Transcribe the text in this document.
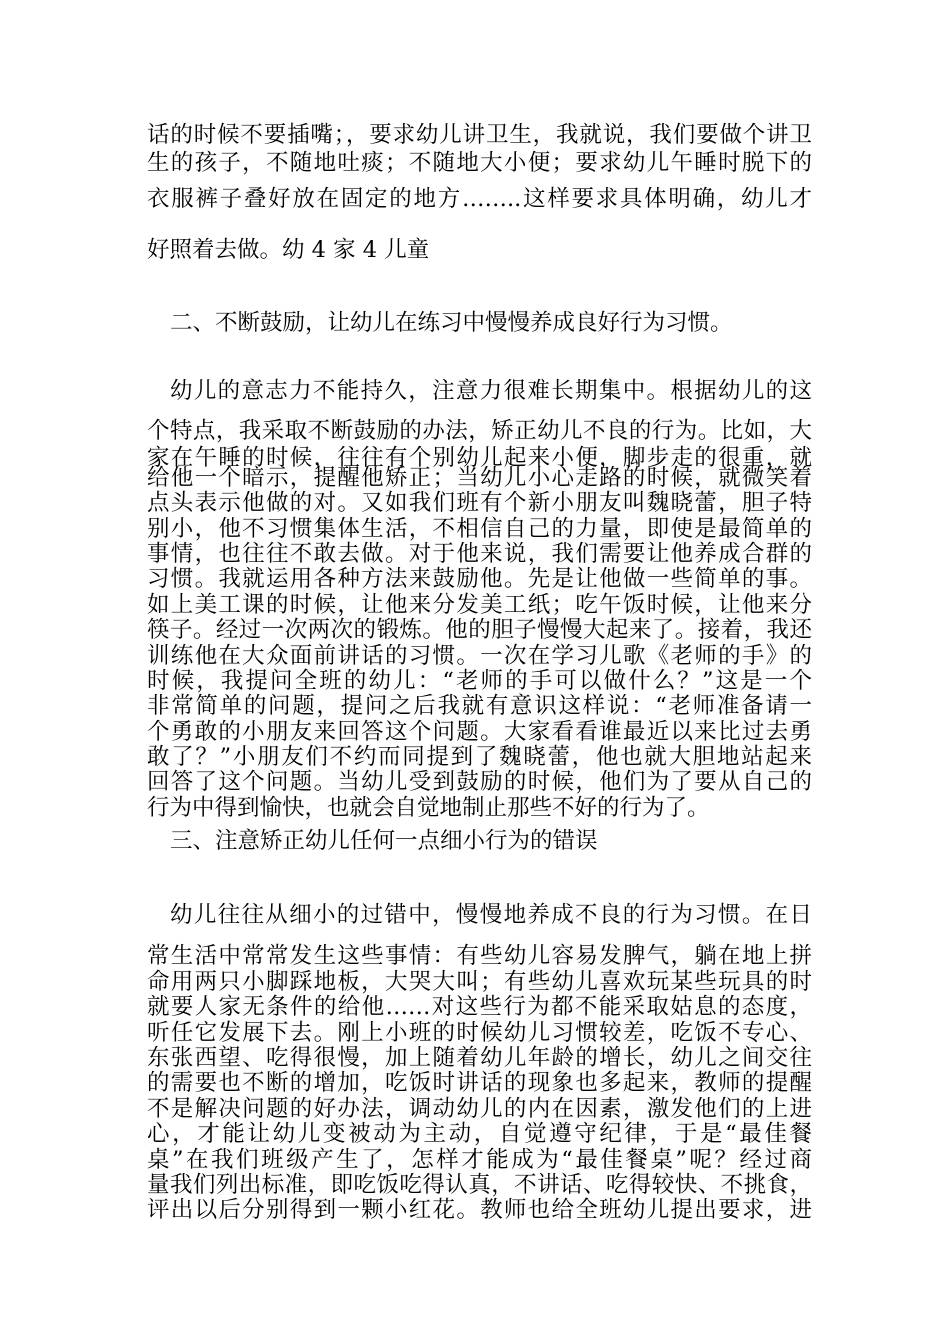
话的时候不要插嘴；，要求幼儿讲卫生，我就说，我们要做个讲卫
生的孩子，不随地吐痰；不随地大小便；要求幼儿午睡时脱下的
衣服裤子叠好放在固定的地方……..这样要求具体明确，幼儿才
好照着去做。幼 4 家 4 儿童
二、不断鼓励，让幼儿在练习中慢慢养成良好行为习惯。
幼儿的意志力不能持久，注意力很难长期集中。根据幼儿的这
个特点，我采取不断鼓励的办法，矫正幼儿不良的行为。比如，大
家在午睡的时候，往往有个别幼儿起来小便，脚步走的很重，就
给他一个暗示，提醒他矫正；当幼儿小心走路的时候，就微笑着
点头表示他做的对。又如我们班有个新小朋友叫魏晓蕾，胆子特
别小，他不习惯集体生活，不相信自己的力量，即使是最简单的
事情，也往往不敢去做。对于他来说，我们需要让他养成合群的
习惯。我就运用各种方法来鼓励他。先是让他做一些简单的事。
如上美工课的时候，让他来分发美工纸；吃午饭时候，让他来分
筷子。经过一次两次的锻炼。他的胆子慢慢大起来了。接着，我还
训练他在大众面前讲话的习惯。一次在学习儿歌《老师的手》的
时候，我提问全班的幼儿：“老师的手可以做什么？”这是一个
非常简单的问题，提问之后我就有意识这样说：“老师准备请一
个勇敢的小朋友来回答这个问题。大家看看谁最近以来比过去勇
敢了？”小朋友们不约而同提到了魏晓蕾，他也就大胆地站起来
回答了这个问题。当幼儿受到鼓励的时候，他们为了要从自己的
行为中得到愉快，也就会自觉地制止那些不好的行为了。
三、注意矫正幼儿任何一点细小行为的错误
幼儿往往从细小的过错中，慢慢地养成不良的行为习惯。在日
常生活中常常发生这些事情：有些幼儿容易发脾气，躺在地上拼
命用两只小脚踩地板，大哭大叫；有些幼儿喜欢玩某些玩具的时
就要人家无条件的给他……对这些行为都不能采取姑息的态度，
听任它发展下去。刚上小班的时候幼儿习惯较差，吃饭不专心、
东张西望、吃得很慢，加上随着幼儿年龄的增长，幼儿之间交往
的需要也不断的增加，吃饭时讲话的现象也多起来，教师的提醒
不是解决问题的好办法，调动幼儿的内在因素，激发他们的上进
心，才能让幼儿变被动为主动，自觉遵守纪律，于是“最佳餐
桌”在我们班级产生了，怎样才能成为“最佳餐桌”呢？经过商
量我们列出标准，即吃饭吃得认真，不讲话、吃得较快、不挑食，
评出以后分别得到一颗小红花。教师也给全班幼儿提出要求，进
